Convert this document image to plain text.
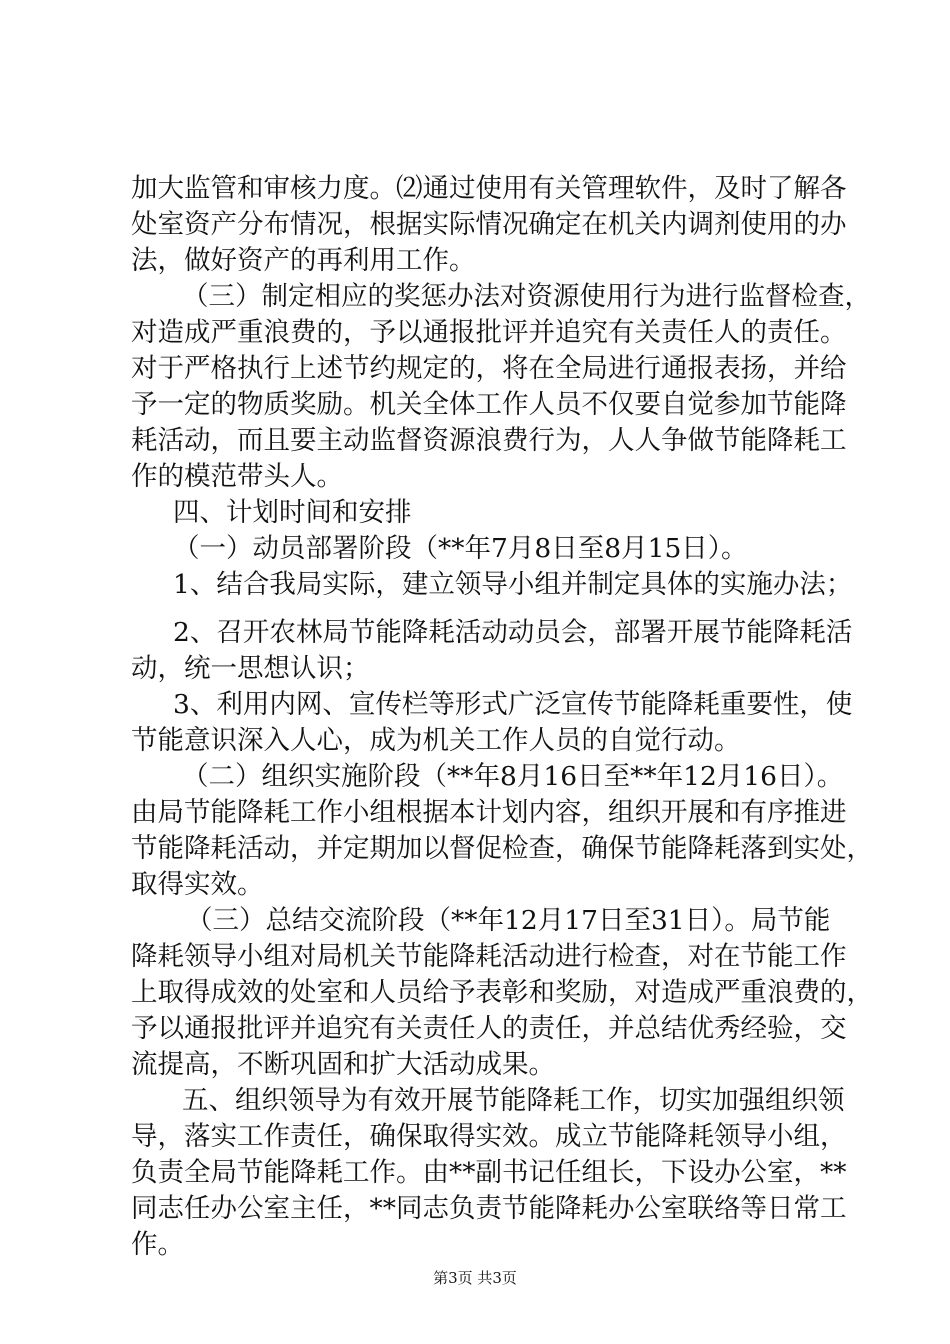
加大监管和审核力度。⑵通过使用有关管理软件，及时了解各
处室资产分布情况，根据实际情况确定在机关内调剂使用的办
法，做好资产的再利用工作。
（三）制定相应的奖惩办法对资源使用行为进行监督检查，
对造成严重浪费的，予以通报批评并追究有关责任人的责任。
对于严格执行上述节约规定的，将在全局进行通报表扬，并给
予一定的物质奖励。机关全体工作人员不仅要自觉参加节能降
耗活动，而且要主动监督资源浪费行为，人人争做节能降耗工
作的模范带头人。
四、计划时间和安排
（一）动员部署阶段（**年7月8日至8月15日）。
1、结合我局实际，建立领导小组并制定具体的实施办法；
2、召开农林局节能降耗活动动员会，部署开展节能降耗活
动，统一思想认识；
3、利用内网、宣传栏等形式广泛宣传节能降耗重要性，使
节能意识深入人心，成为机关工作人员的自觉行动。
（二）组织实施阶段（**年8月16日至**年12月16日）。
由局节能降耗工作小组根据本计划内容，组织开展和有序推进
节能降耗活动，并定期加以督促检查，确保节能降耗落到实处，
取得实效。
（三）总结交流阶段（**年12月17日至31日）。局节能
降耗领导小组对局机关节能降耗活动进行检查，对在节能工作
上取得成效的处室和人员给予表彰和奖励，对造成严重浪费的，
予以通报批评并追究有关责任人的责任，并总结优秀经验，交
流提高，不断巩固和扩大活动成果。
五、组织领导为有效开展节能降耗工作，切实加强组织领
导，落实工作责任，确保取得实效。成立节能降耗领导小组，
负责全局节能降耗工作。由**副书记任组长，下设办公室，**
同志任办公室主任，**同志负责节能降耗办公室联络等日常工
作。
第3页 共3页
